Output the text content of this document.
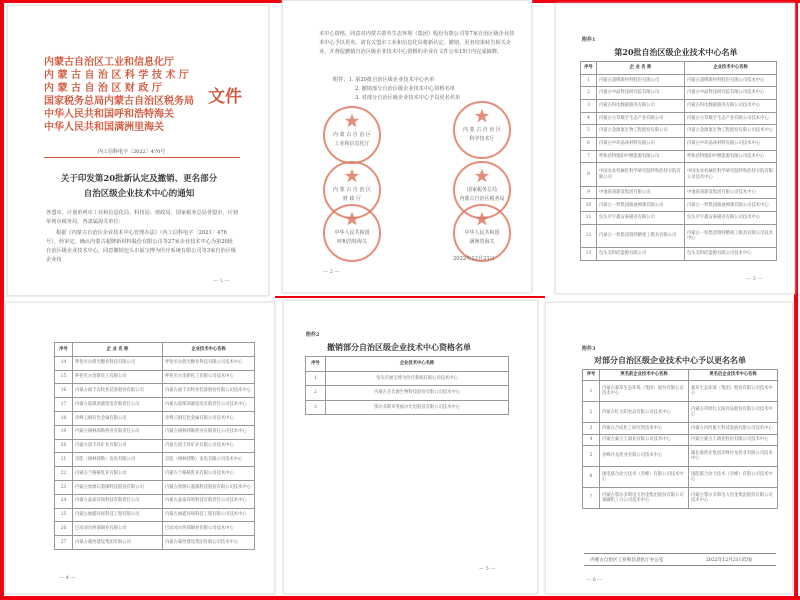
内蒙古自治区工业和信息化厅
内 蒙 古 自 治 区 科 学 技 术 厅
内 蒙 古 自 治 区 财 政 厅
国家税务总局内蒙古自治区税务局
中华人民共和国呼和浩特海关
中华人民共和国满洲里海关
文件
内工信科电字〔2022〕470号
关于印发第20批新认定及撤销、更名部分
自治区级企业技术中心的通知
各盟市、计划单列市工业和信息化局、科技局、财政局、国家税务总局各盟市、计划单列市税务局，各隶属海关单位：
根据《内蒙古自治区企业技术中心管理办法》（内工信科电字〔2021〕476号），经审定，确认内蒙古超牌新材料股份有限公司等27家企业技术中心为第20批自治区级企业技术中心，同意撤销包头市福宝博为医疗系统有限公司等3家自治区级企业技
— 1 —
术中心资格，同意对内蒙古蒙草生态环境（集团）股份有限公司等7家自治区级企业技术中心予以更名。请有关盟市工业和信息化局将新认定、撤销、更名结果转告相关企业，并督促撤销自治区级企业技术中心资格的企业在文件公布15日内完成摘牌。
附件：1. 第20批自治区级企业技术中心名单
2. 撤销部分自治区级企业技术中心资格名单
3. 对部分自治区级企业技术中心予以更名名单
内 蒙 古 自 治 区
工业和信息化厅
内 蒙 古 自 治 区
科学技术厅
内 蒙 古 自 治 区
财 政 厅
国家税务总局
内蒙古自治区税务局
中华人民共和国
呼和浩特海关
中华人民共和国
满洲里海关
2022年12月21日
— 2 —
附件1
第20批自治区级企业技术中心名单
序号	企 业 名 称	企业技术中心名称
1	内蒙古超牌新材料股份有限公司	内蒙古超牌新材料股份有限公司技术中心
2	内蒙古中晶科技研究院有限公司	内蒙古中晶科技研究院有限公司技术中心
3	内蒙古科电数据服务有限公司	内蒙古科电数据服务有限公司技术中心
4	内蒙古小草数字生态产业有限公司	内蒙古小草数字生态产业有限公司技术中心
5	内蒙古金源康生物工程股份有限公司	内蒙古金源康生物工程股份有限公司技术中心
6	内蒙古中环晶体材料有限公司	内蒙古中环晶体材料有限公司技术中心
7	呼和浩特旭阳中燃能源有限公司	呼和浩特旭阳中燃能源有限公司技术中心
8	中国农业机械化科学研究院呼和浩特分院有限公司	中国农业机械化科学研究院呼和浩特分院有限公司技术中心
9	中地寅岗建设集团有限公司	中地寅岗建设集团有限公司技术中心
10	内蒙古一机集团路通弹簧有限公司	内蒙古一机集团路通弹簧有限公司技术中心
11	包头市宇鑫安泰磁业有限公司	包头市宇鑫安泰磁业有限公司技术中心
12	内蒙古一机集团瑞特精密工模具有限公司	内蒙古一机集团瑞特精密工模具有限公司技术中心
13	包头美科硅能源有限公司	包头美科硅能源有限公司技术中心
— 3 —
序号	企 业 名 称	企业技术中心名称
14	呼伦贝尔晨光糖业科技有限公司	呼伦贝尔晨光糖业科技有限公司技术中心
15	呼伦贝尔金新化工有限公司	呼伦贝尔金新化工有限公司技术中心
16	内蒙古福丰农牧业装备股份有限公司	内蒙古福丰农牧业装备股份有限公司技术中心
17	内蒙古霍煤鸿骏铝电有限责任公司	内蒙古霍煤鸿骏铝电有限责任公司技术中心
18	赤峰云铜有色金属有限公司	赤峰云铜有色金属有限公司技术中心
19	内蒙古锡林郭勒药业有限责任公司	内蒙古锡林郭勒药业有限责任公司技术中心
20	内蒙古晨丰骨矿业有限公司	内蒙古晨丰骨矿业有限公司技术中心
21	京能（锡林郭勒）发电有限公司	京能（锡林郭勒）发电有限公司技术中心
22	内蒙古兰格格乳业有限公司	内蒙古兰格格乳业有限公司技术中心
23	内蒙古欣源石墨烯科技股份有限公司	内蒙古欣源石墨烯科技股份有限公司技术中心
24	内蒙古晶泰环境科技有限责任公司	内蒙古晶泰环境科技有限责任公司技术中心
25	内蒙古丽鑫环保科技工程有限公司	内蒙古丽鑫环保科技工程有限公司技术中心
26	巴彦淖尔西部铜业有限公司	巴彦淖尔西部铜业有限公司技术中心
27	内蒙古蒙西建设集团有限公司	内蒙古蒙西建设集团有限公司技术中心
— 4 —
附件2
撤销部分自治区级企业技术中心资格名单
序号	企业技术中心名称
1	包头市福宝博为医疗系统有限公司技术中心
2	内蒙古圣氏源生物科技股份有限公司技术中心
3	鄂尔多斯市英福尔光电科技有限公司技术中心
— 5 —
附件3
对部分自治区级企业技术中心予以更名名单
序号	更名前企业技术中心名称	更名后企业技术中心名称
1	内蒙古蒙草生态环境（集团）股份有限公司技术中心	蒙草生态环境（集团）股份有限公司技术中心
2	内蒙古红太阳食品有限公司技术中心	内蒙古草原红太阳食品股份有限公司技术中心
3	内蒙古合成化工研究所技术中心	内蒙古河西航天科技发展有限公司技术中心
4	内蒙古蒙古王酒业有限公司技术中心	内蒙古蒙古王酒业股份有限公司技术中心
5	赤峰丹龙药业有限公司技术中心	湖北康药业集团赤峰丹龙药业有限公司技术中心
6	国电联合动力技术（赤峰）有限公司技术中心	国能联合动力技术（赤峰）有限公司技术中心
7	内蒙古鄂尔多斯电力冶金集团股份有限公司氯碱化工分公司技术中心	内蒙古鄂尔多斯电力冶金集团股份有限公司技术中心
内蒙古自治区工业和信息化厅办公室	2022年12月21日印发
— 6 —
